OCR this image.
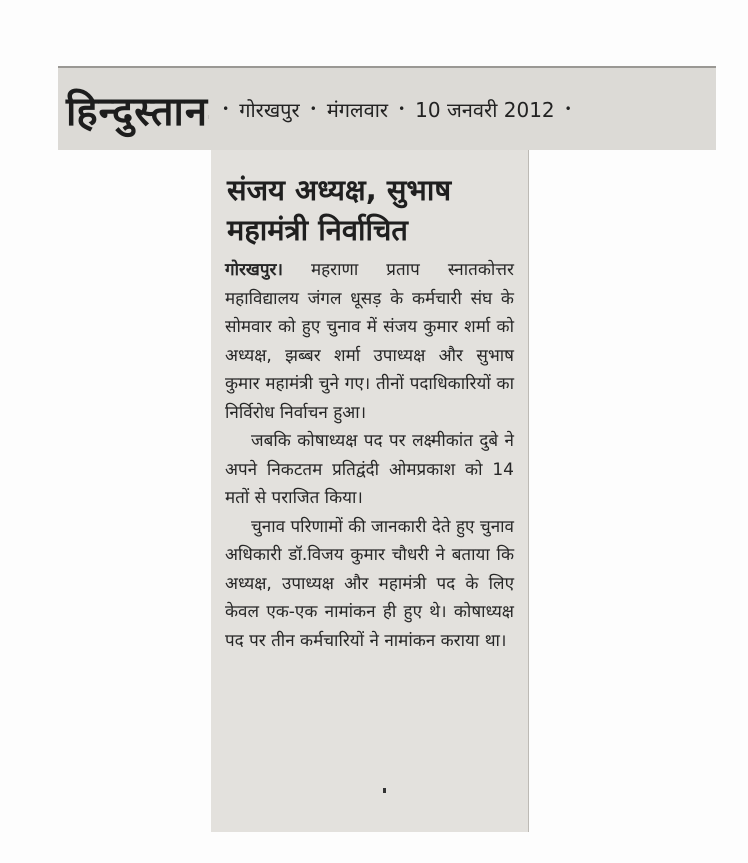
हिन्दुस्तान • गोरखपुर • मंगलवार • 10 जनवरी 2012 •
संजय अध्यक्ष, सुभाष
महामंत्री निर्वाचित

गोरखपुर। महराणा प्रताप स्नातकोत्तर महाविद्यालय जंगल धूसड़ के कर्मचारी संघ के सोमवार को हुए चुनाव में संजय कुमार शर्मा को अध्यक्ष, झब्बर शर्मा उपाध्यक्ष और सुभाष कुमार महामंत्री चुने गए। तीनों पदाधिकारियों का निर्विरोध निर्वाचन हुआ।

जबकि कोषाध्यक्ष पद पर लक्ष्मीकांत दुबे ने अपने निकटतम प्रतिद्वंदी ओमप्रकाश को 14 मतों से पराजित किया।

चुनाव परिणामों की जानकारी देते हुए चुनाव अधिकारी डॉ.विजय कुमार चौधरी ने बताया कि अध्यक्ष, उपाध्यक्ष और महामंत्री पद के लिए केवल एक-एक नामांकन ही हुए थे। कोषाध्यक्ष पद पर तीन कर्मचारियों ने नामांकन कराया था।
